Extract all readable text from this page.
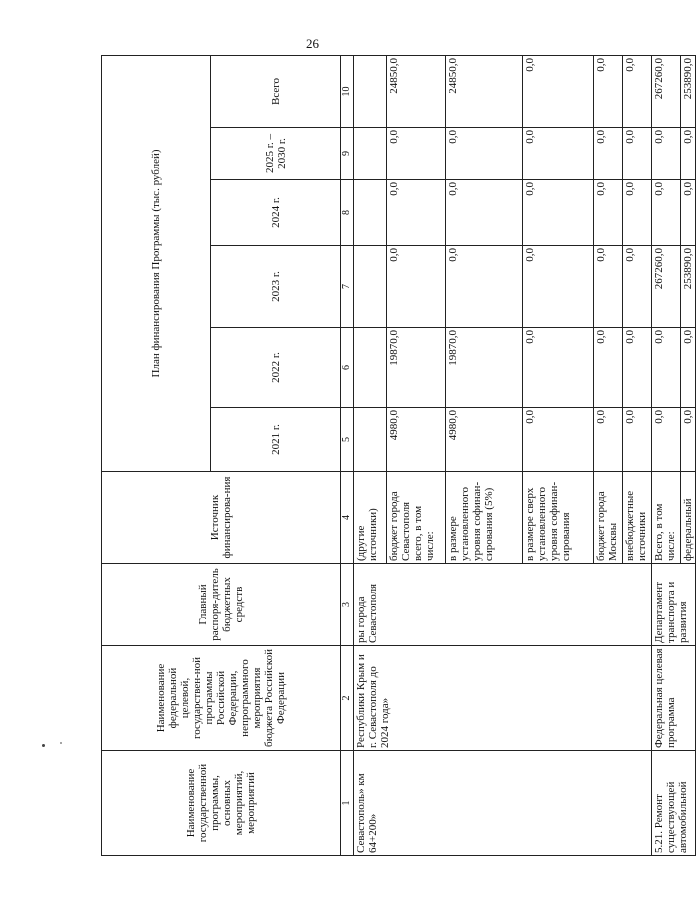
26
Наименование государственной программы, основных мероприятий, мероприятий	Наименование федеральной целевой, государствен-ной программы Российской Федерации, непрограммного мероприятия бюджета Российской Федерации	Главный распоря-дитель бюджетных средств	Источник финансирова-ния	План финансирования Программы (тыс. рублей)					
				2021 г.	2022 г.	2023 г.	2024 г.	2025 г. – 2030 г.	Всего
1	2	3	4	5	6	7	8	9	10
Севастополь» км 64+200»	Республики Крым и г. Севастополя до 2024 года»	ры города Севастополя	(другие источники)						
			бюджет города Севастополя всего, в том числе:	4980,0	19870,0	0,0	0,0	0,0	24850,0
			в размере установленного уровня софинан-сирования (5%)	4980,0	19870,0	0,0	0,0	0,0	24850,0
			в размере сверх установленного уровня софинан-сирования	0,0	0,0	0,0	0,0	0,0	0,0
			бюджет города Москвы	0,0	0,0	0,0	0,0	0,0	0,0
			внебюджетные источники	0,0	0,0	0,0	0,0	0,0	0,0
5.21. Ремонт существующей автомобильной	Федеральная целевая программа	Департамент транспорта и развития	Всего, в том числе:	0,0	0,0	267260,0	0,0	0,0	267260,0
			федеральный	0,0	0,0	253890,0	0,0	0,0	253890,0
